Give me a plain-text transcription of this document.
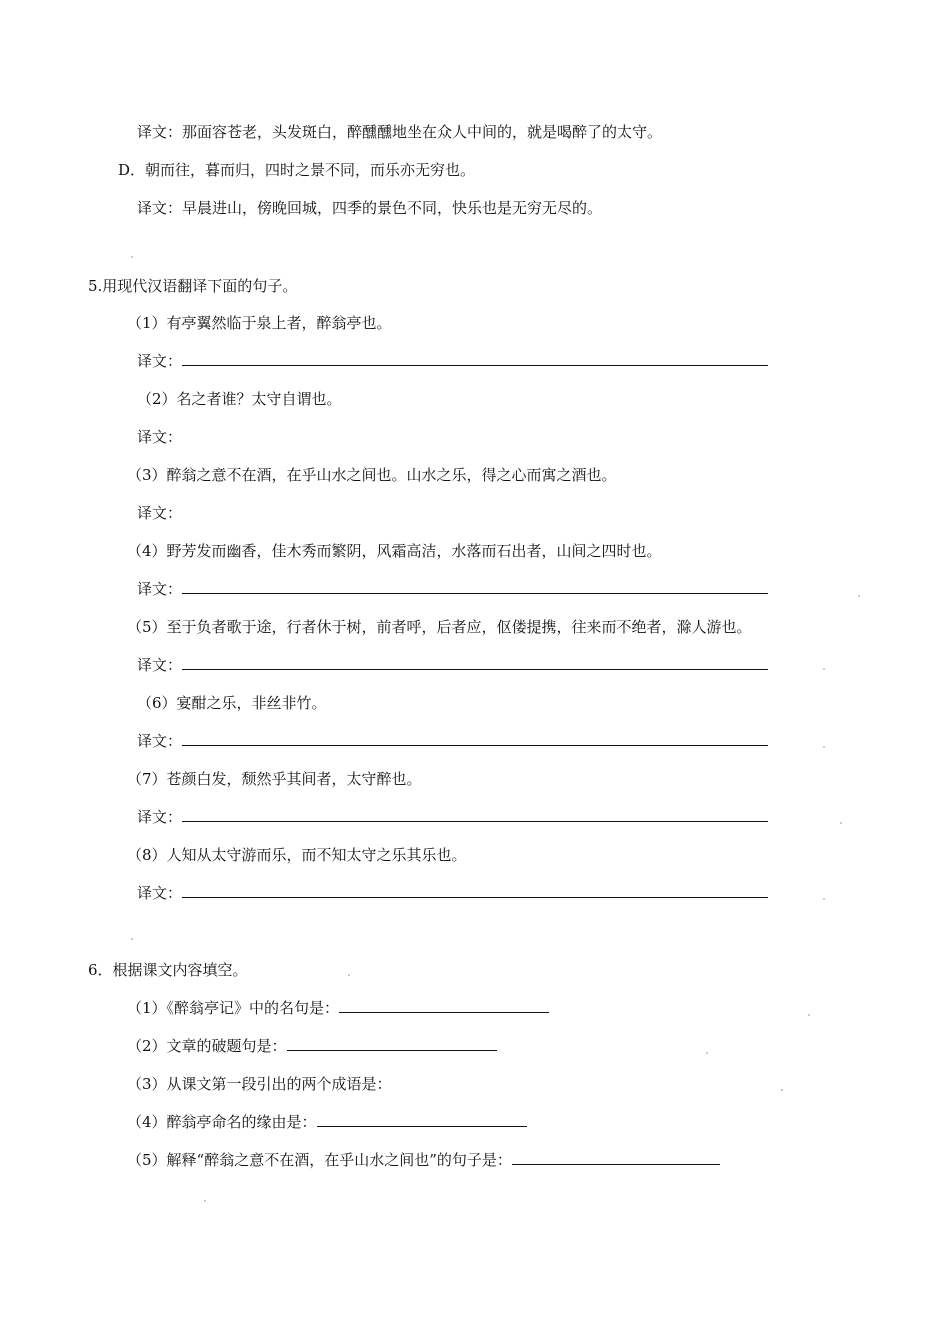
译文：那面容苍老，头发斑白，醉醺醺地坐在众人中间的，就是喝醉了的太守。
D．朝而往，暮而归，四时之景不同，而乐亦无穷也。
译文：早晨进山，傍晚回城，四季的景色不同，快乐也是无穷无尽的。
5.用现代汉语翻译下面的句子。
（1）有亭翼然临于泉上者，醉翁亭也。
译文：
（2）名之者谁？太守自谓也。
译文：
（3）醉翁之意不在酒，在乎山水之间也。山水之乐，得之心而寓之酒也。
译文：
（4）野芳发而幽香，佳木秀而繁阴，风霜高洁，水落而石出者，山间之四时也。
译文：
（5）至于负者歌于途，行者休于树，前者呼，后者应，伛偻提携，往来而不绝者，滁人游也。
译文：
（6）宴酣之乐，非丝非竹。
译文：
（7）苍颜白发，颓然乎其间者，太守醉也。
译文：
（8）人知从太守游而乐，而不知太守之乐其乐也。
译文：
6．根据课文内容填空。
（1）《醉翁亭记》中的名句是：
（2）文章的破题句是：
（3）从课文第一段引出的两个成语是：
（4）醉翁亭命名的缘由是：
（5）解释“醉翁之意不在酒，在乎山水之间也”的句子是：
